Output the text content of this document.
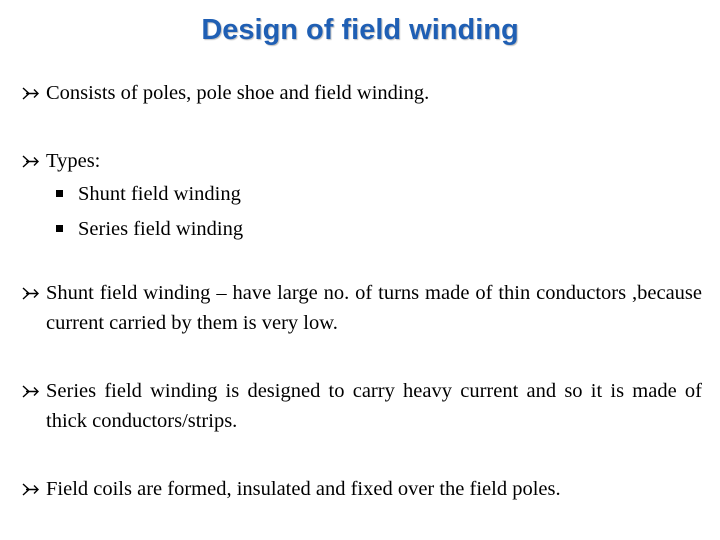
Design of field winding
Consists of poles, pole shoe and field winding.
Types:
Shunt field winding
Series field winding
Shunt field winding – have large no. of turns made of thin conductors ,because current carried by them is very low.
Series field winding is designed to carry heavy current and so it is made of thick conductors/strips.
Field coils are formed, insulated and fixed over the field poles.
